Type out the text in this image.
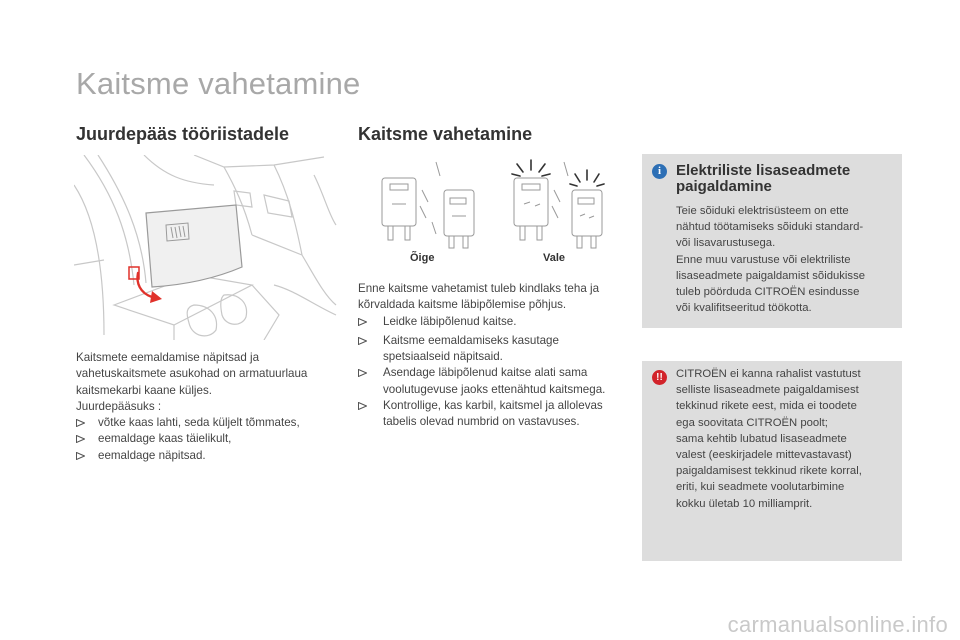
Kaitsme vahetamine
Juurdepääs tööriistadele
Kaitsmete eemaldamise näpitsad ja
vahetuskaitsmete asukohad on armatuurlaua
kaitsmekarbi kaane küljes.
Juurdepääsuks :
võtke kaas lahti, seda küljelt tõmmates,
eemaldage kaas täielikult,
eemaldage näpitsad.
Kaitsme vahetamine
Õige	Vale
Enne kaitsme vahetamist tuleb kindlaks teha ja
kõrvaldada kaitsme läbipõlemise põhjus.
Leidke läbipõlenud kaitse.
Kaitsme eemaldamiseks kasutage
spetsiaalseid näpitsaid.
Asendage läbipõlenud kaitse alati sama
voolutugevuse jaoks ettenähtud kaitsmega.
Kontrollige, kas karbil, kaitsmel ja allolevas
tabelis olevad numbrid on vastavuses.
i Elektriliste lisaseadmete
paigaldamine
Teie sõiduki elektrisüsteem on ette
nähtud töötamiseks sõiduki standard-
või lisavarustusega.
Enne muu varustuse või elektriliste
lisaseadmete paigaldamist sõidukisse
tuleb pöörduda CITROËN esindusse
või kvalifitseeritud töökotta.
!!	CITROËN ei kanna rahalist vastutust
selliste lisaseadmete paigaldamisest
tekkinud rikete eest, mida ei toodete
ega soovitata CITROËN poolt;
sama kehtib lubatud lisaseadmete
valest (eeskirjadele mittevastavast)
paigaldamisest tekkinud rikete korral,
eriti, kui seadmete voolutarbimine
kokku ületab 10 milliamprit.
carmanualsonline.info
